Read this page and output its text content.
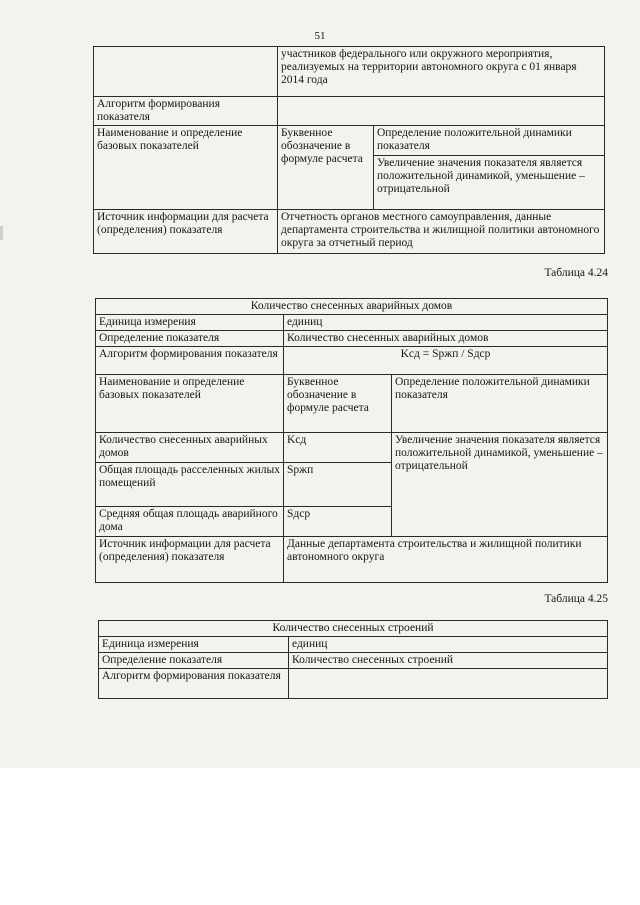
51
	участников федерального или окружного мероприятия, реализуемых на территории автономного округа с 01 января 2014 года	
Алгоритм формирования показателя		
Наименование и определение базовых показателей	Буквенное обозначение в формуле расчета	Определение положительной динамики показателя
		Увеличение значения показателя является положительной динамикой, уменьшение – отрицательной
Источник информации для расчета (определения) показателя	Отчетность органов местного самоуправления, данные департамента строительства и жилищной политики автономного округа за отчетный период	
Таблица 4.24
Количество снесенных аварийных домов		
Единица измерения	единиц	
Определение показателя	Количество снесенных аварийных домов	
Алгоритм формирования показателя	Kсд = Sржп / Sдср	
Наименование и определение базовых показателей	Буквенное обозначение в формуле расчета	Определение положительной динамики показателя
Количество снесенных аварийных домов	Kсд	Увеличение значения показателя является положительной динамикой, уменьшение – отрицательной
Общая площадь расселенных жилых помещений	Sржп	
Средняя общая площадь аварийного дома	Sдср	
Источник информации для расчета (определения) показателя	Данные департамента строительства и жилищной политики автономного округа	
Таблица 4.25
Количество снесенных строений	
Единица измерения	единиц
Определение показателя	Количество снесенных строений
Алгоритм формирования показателя	
